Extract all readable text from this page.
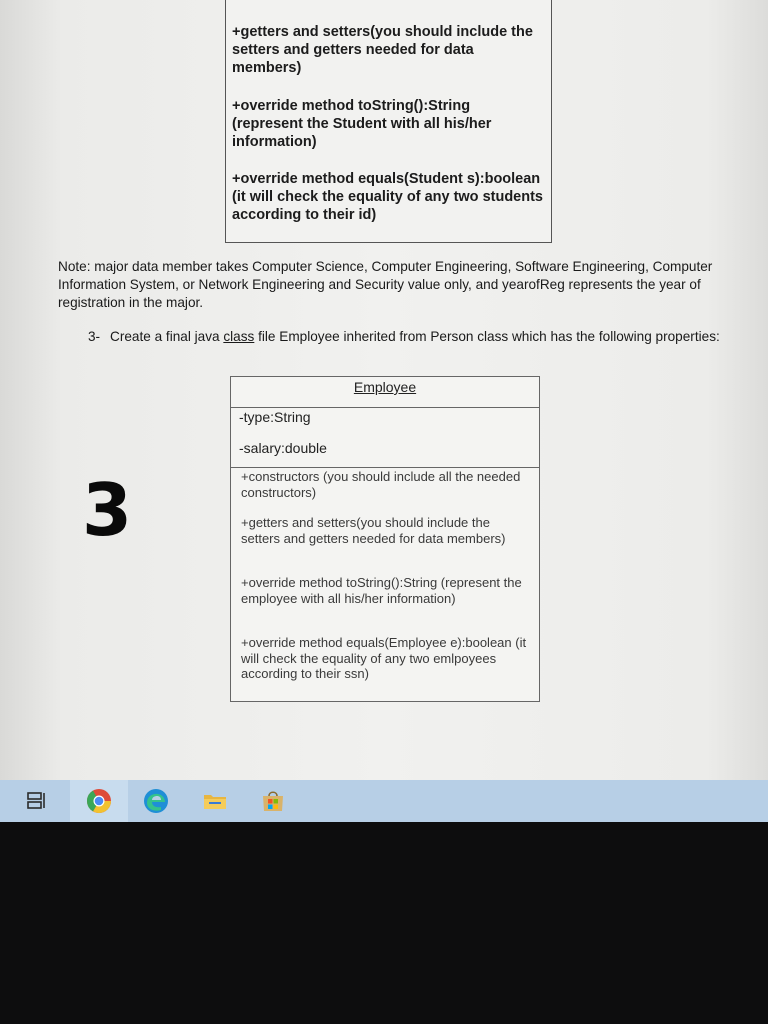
+getters and setters(you should include the setters and getters needed for data members)
+override method toString():String (represent the Student with all his/her information)
+override method equals(Student s):boolean (it will check the equality of any two students according to their id)
Note: major data member takes Computer Science, Computer Engineering, Software Engineering, Computer Information System, or Network Engineering and Security value only, and yearofReg represents the year of registration in the major.
3- Create a final java class file Employee inherited from Person class which has the following properties:
3
Employee
-type:String
-salary:double
+constructors (you should include all the needed constructors)
+getters and setters(you should include the setters and getters needed for data members)
+override method toString():String (represent the employee with all his/her information)
+override method equals(Employee e):boolean (it will check the equality of any two emlpoyees according to their ssn)
